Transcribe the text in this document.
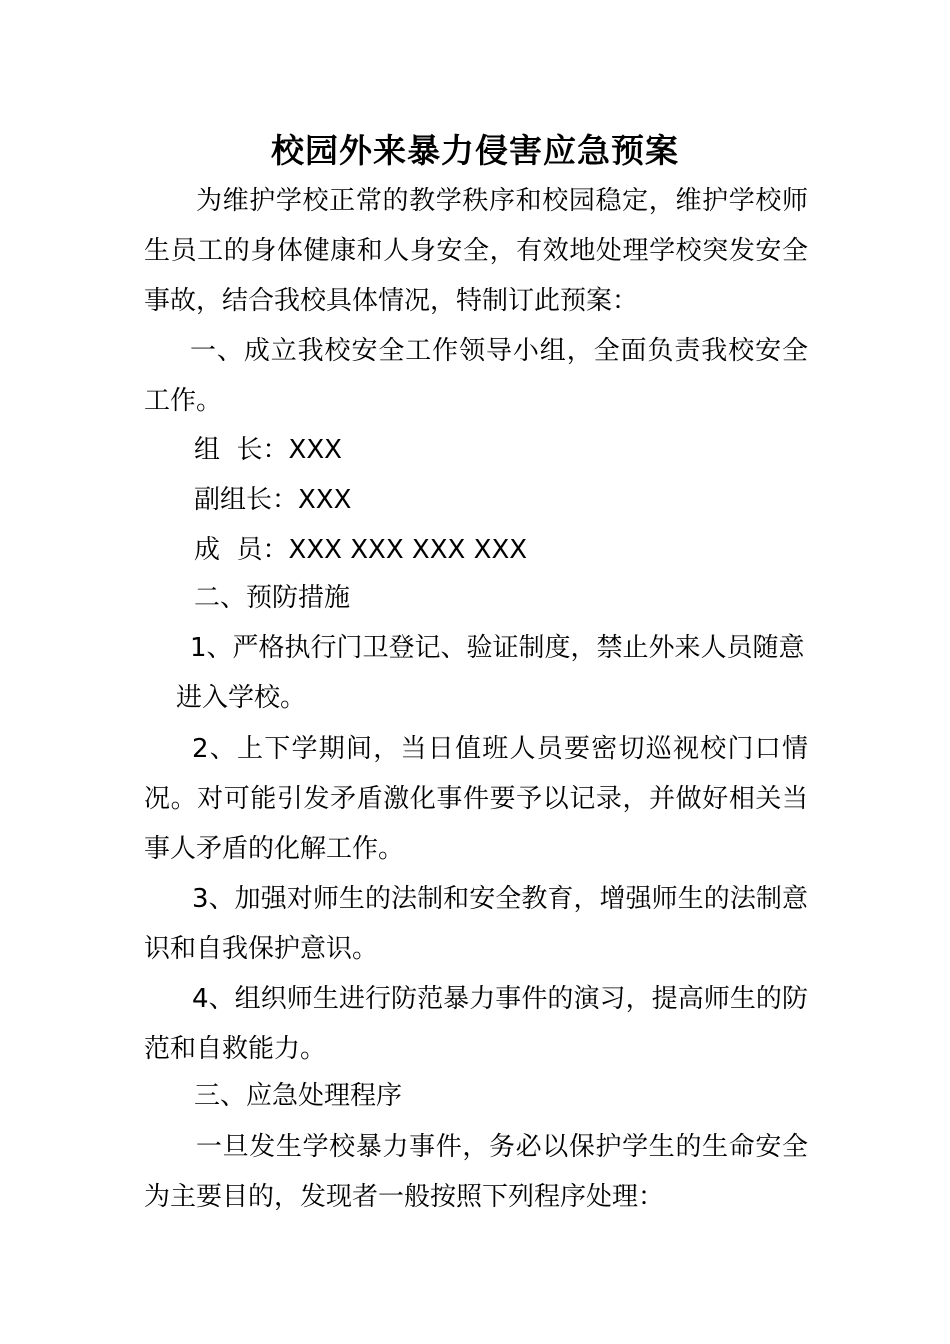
校园外来暴力侵害应急预案
为维护学校正常的教学秩序和校园稳定，维护学校师生员工的身体健康和人身安全，有效地处理学校突发安全事故，结合我校具体情况，特制订此预案：
一、成立我校安全工作领导小组，全面负责我校安全工作。
组  长：XXX
副组长：XXX
成  员：XXX XXX XXX XXX
二、预防措施
1、严格执行门卫登记、验证制度，禁止外来人员随意
进入学校。
2、上下学期间，当日值班人员要密切巡视校门口情况。对可能引发矛盾激化事件要予以记录，并做好相关当事人矛盾的化解工作。
3、加强对师生的法制和安全教育，增强师生的法制意识和自我保护意识。
4、组织师生进行防范暴力事件的演习，提高师生的防范和自救能力。
三、应急处理程序
一旦发生学校暴力事件，务必以保护学生的生命安全为主要目的，发现者一般按照下列程序处理：
